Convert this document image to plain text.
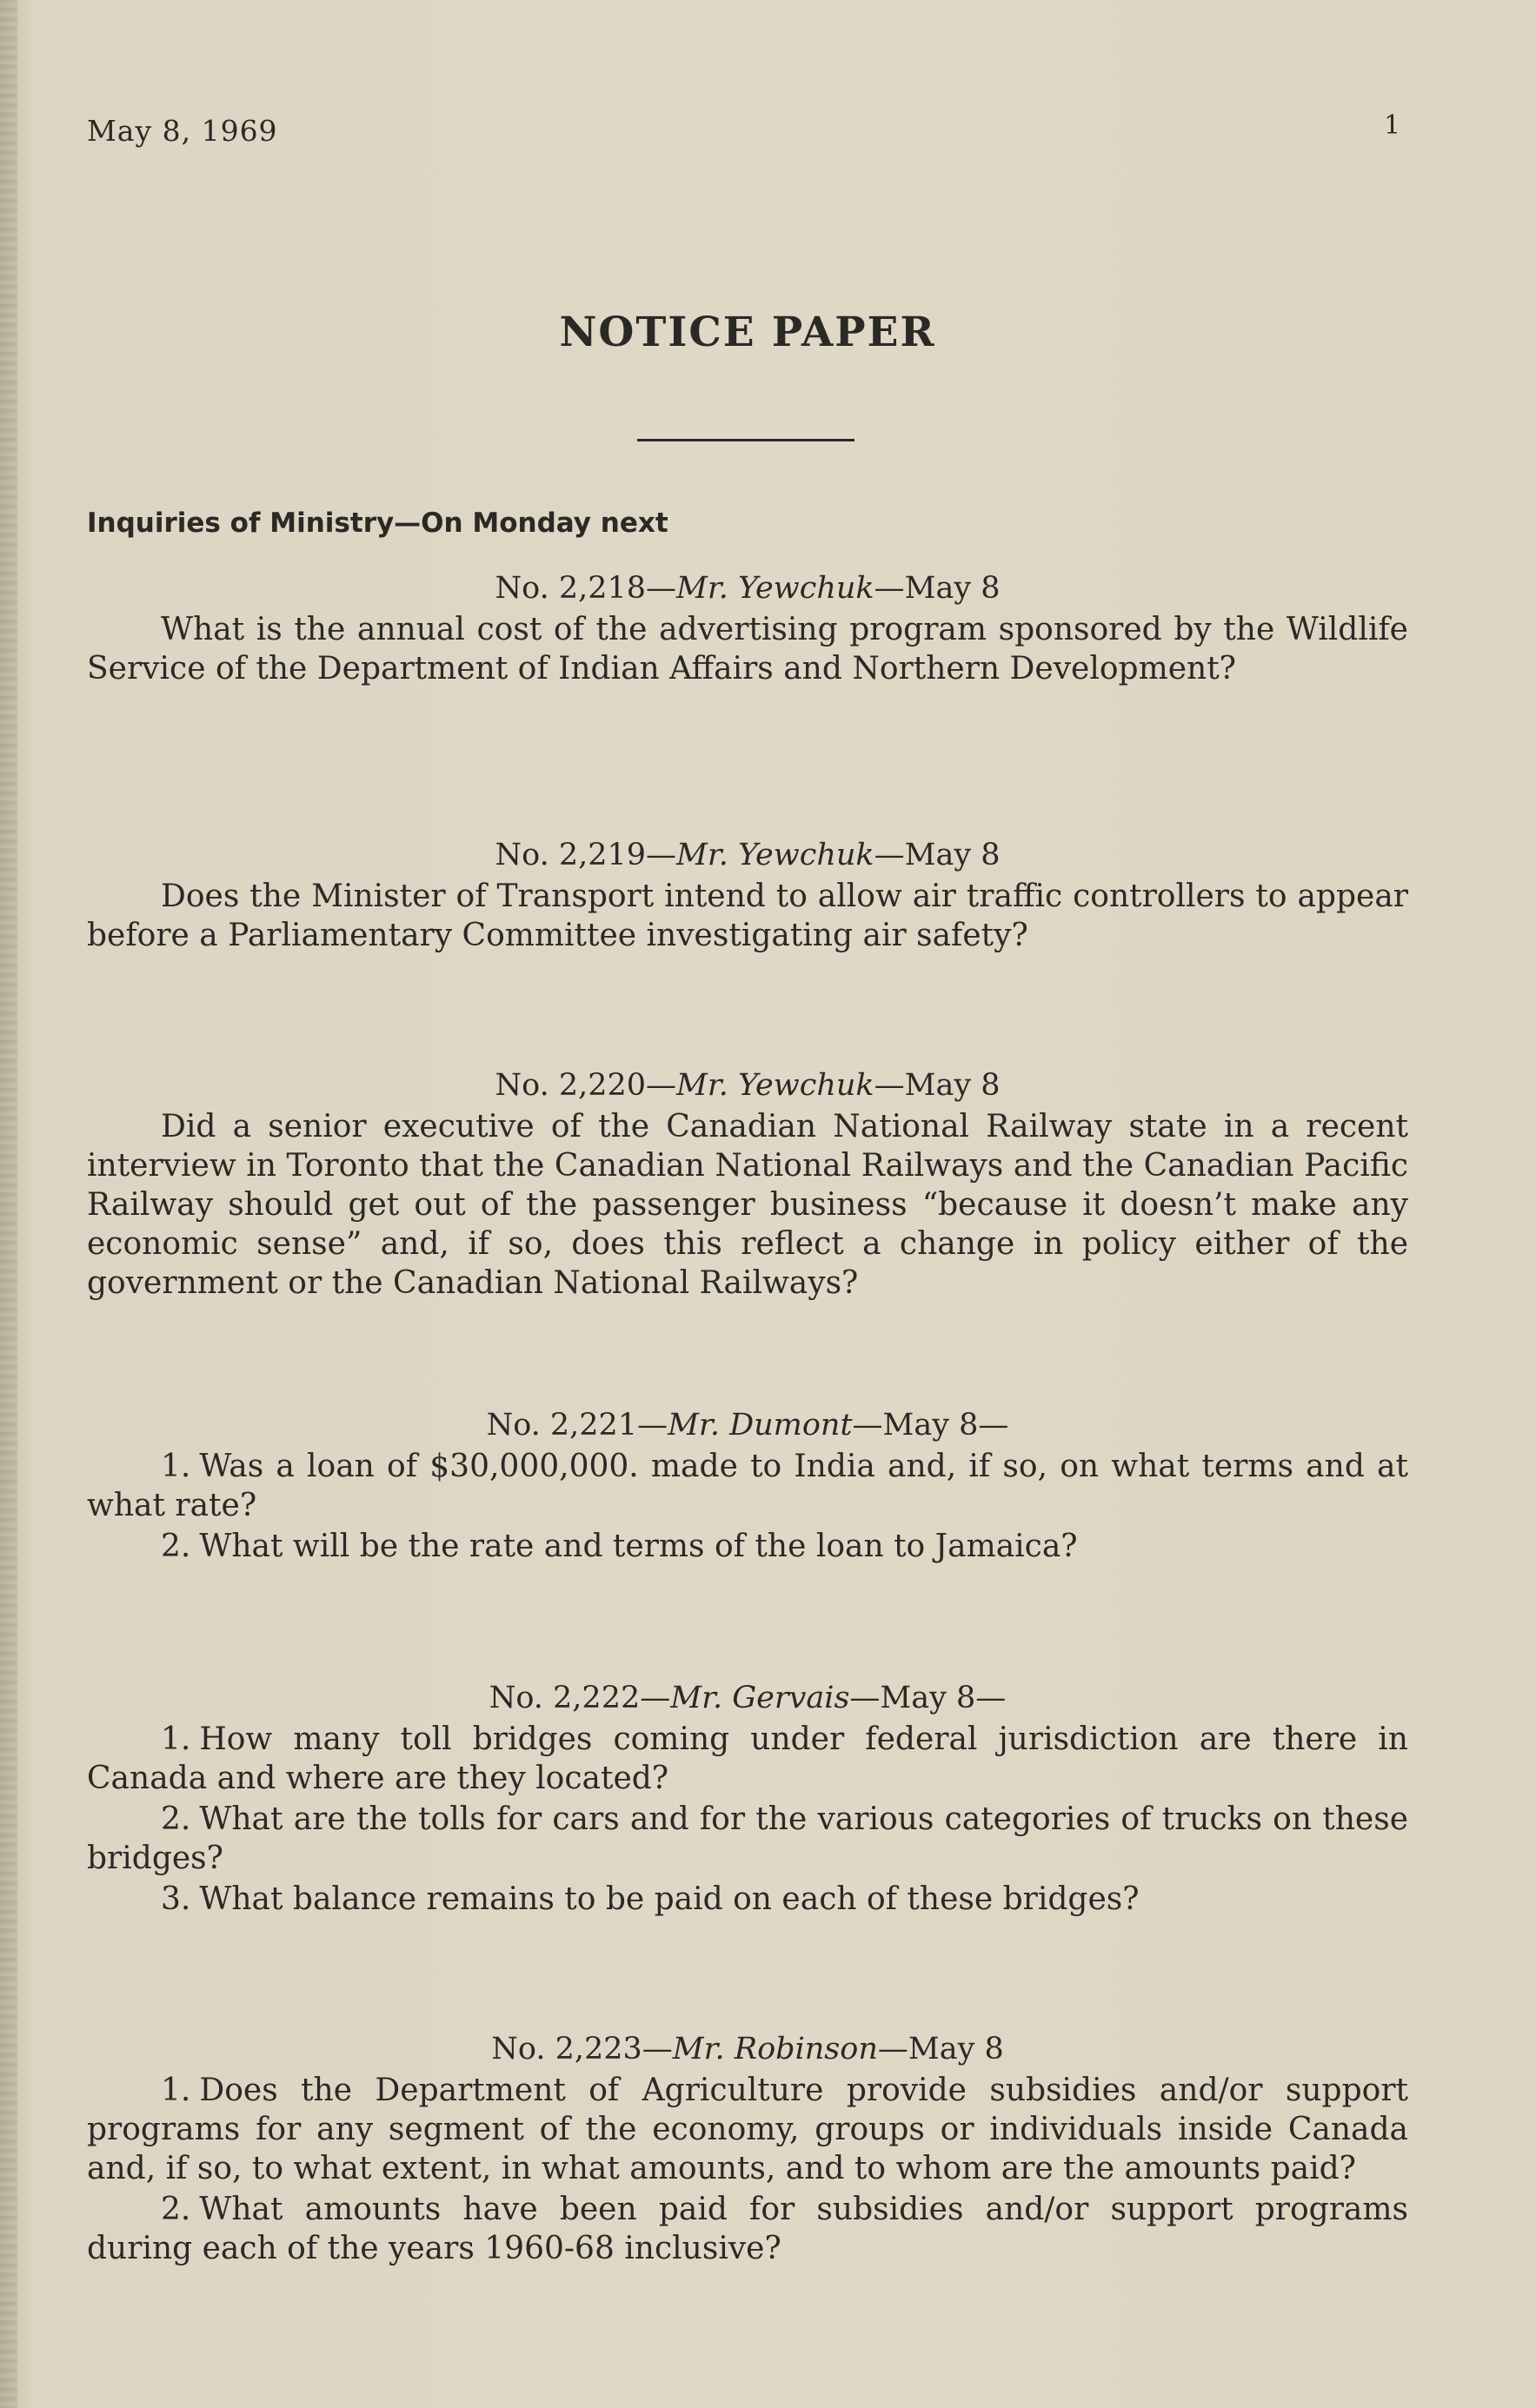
May 8, 1969	1
NOTICE PAPER
Inquiries of Ministry—On Monday next
No. 2,218—Mr. Yewchuk—May 8

What is the annual cost of the advertising program sponsored by the Wildlife Service of the Department of Indian Affairs and Northern Development?

No. 2,219—Mr. Yewchuk—May 8

Does the Minister of Transport intend to allow air traffic controllers to appear before a Parliamentary Committee investigating air safety?

No. 2,220—Mr. Yewchuk—May 8

Did a senior executive of the Canadian National Railway state in a recent interview in Toronto that the Canadian National Railways and the Canadian Pacific Railway should get out of the passenger business “because it doesn’t make any economic sense” and, if so, does this reflect a change in policy either of the government or the Canadian National Railways?

No. 2,221—Mr. Dumont—May 8—

1. Was a loan of $30,000,000. made to India and, if so, on what terms and at what rate?

2. What will be the rate and terms of the loan to Jamaica?

No. 2,222—Mr. Gervais—May 8—

1. How many toll bridges coming under federal jurisdiction are there in Canada and where are they located?

2. What are the tolls for cars and for the various categories of trucks on these bridges?

3. What balance remains to be paid on each of these bridges?

No. 2,223—Mr. Robinson—May 8

1. Does the Department of Agriculture provide subsidies and/or support programs for any segment of the economy, groups or individuals inside Canada and, if so, to what extent, in what amounts, and to whom are the amounts paid?

2. What amounts have been paid for subsidies and/or support programs during each of the years 1960-68 inclusive?
